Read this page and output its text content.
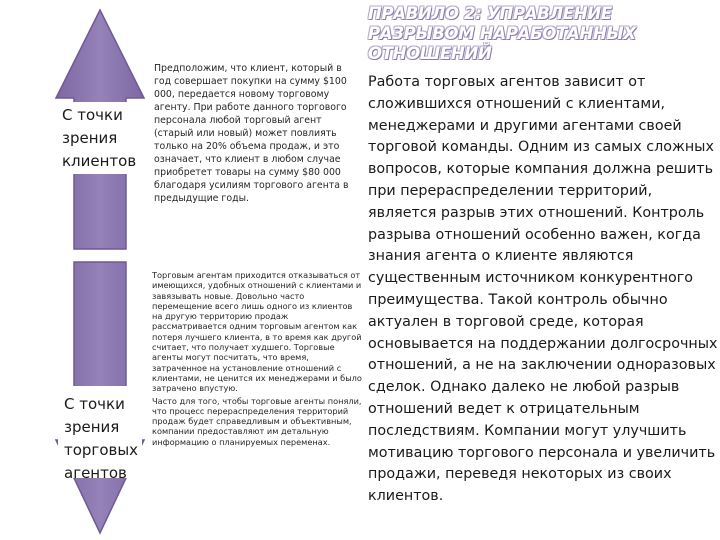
С точки
зрения
клиентов
С точки
зрения
торговых
агентов
Предположим, что клиент, который в год совершает покупки на сумму $100 000, передается новому торговому агенту. При работе данного торгового персонала любой торговый агент (старый или новый) может повлиять только на 20% объема продаж, и это означает, что клиент в любом случае приобретет товары на сумму $80 000 благодаря усилиям торгового агента в предыдущие годы.

Торговым агентам приходится отказываться от имеющихся, удобных отношений с клиентами и завязывать новые. Довольно часто перемещение всего лишь одного из клиентов на другую территорию продаж рассматривается одним торговым агентом как потеря лучшего клиента, в то время как другой считает, что получает худшего. Торговые агенты могут посчитать, что время, затраченное на установление отношений с клиентами, не ценится их менеджерами и было затрачено впустую.

Часто для того, чтобы торговые агенты поняли, что процесс перераспределения территорий продаж будет справедливым и объективным, компании предоставляют им детальную информацию о планируемых переменах.

ПРАВИЛО 2: УПРАВЛЕНИЕ РАЗРЫВОМ НАРАБОТАННЫХ ОТНОШЕНИЙ
Работа торговых агентов зависит от сложившихся отношений с клиентами, менеджерами и другими агентами своей торговой команды. Одним из самых сложных вопросов, которые компания должна решить при перераспределении территорий, является разрыв этих отношений. Контроль разрыва отношений особенно важен, когда знания агента о клиенте являются существенным источником конкурентного преимущества. Такой контроль обычно актуален в торговой среде, которая основывается на поддержании долгосрочных отношений, а не на заключении одноразовых сделок. Однако далеко не любой разрыв отношений ведет к отрицательным последствиям. Компании могут улучшить мотивацию торгового персонала и увеличить продажи, переведя некоторых из своих клиентов.
